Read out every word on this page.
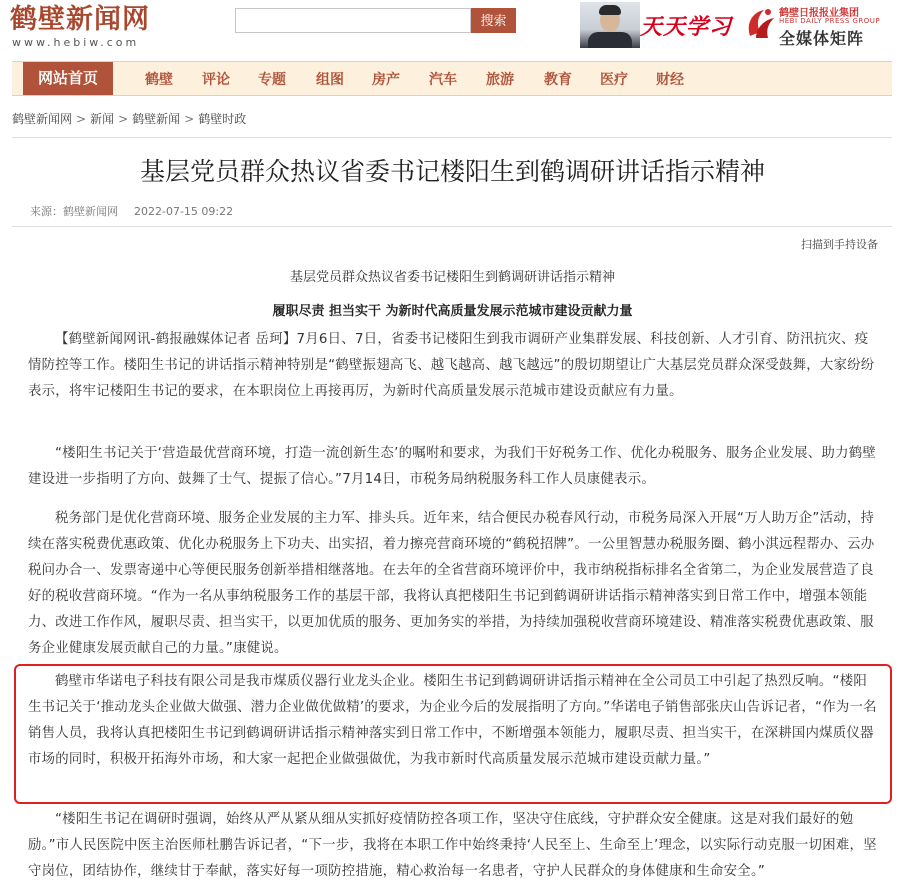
鹤壁新闻网
www.hebiw.com
搜索	天天学习
鹤壁日报报业集团
HEBI DAILY PRESS GROUP
全媒体矩阵
网站首页	鹤壁 评论 专题 组图 房产 汽车 旅游 教育 医疗 财经
鹤壁新闻网 > 新闻 > 鹤壁新闻 > 鹤壁时政
基层党员群众热议省委书记楼阳生到鹤调研讲话指示精神
来源：鹤壁新闻网 2022-07-15 09:22
扫描到手持设备
基层党员群众热议省委书记楼阳生到鹤调研讲话指示精神
履职尽责 担当实干 为新时代高质量发展示范城市建设贡献力量

【鹤壁新闻网讯-鹤报融媒体记者 岳珂】7月6日、7日，省委书记楼阳生到我市调研产业集群发展、科技创新、人才引育、防汛抗灾、疫情防控等工作。楼阳生书记的讲话指示精神特别是“鹤壁振翅高飞、越飞越高、越飞越远”的殷切期望让广大基层党员群众深受鼓舞，大家纷纷表示，将牢记楼阳生书记的要求，在本职岗位上再接再厉，为新时代高质量发展示范城市建设贡献应有力量。

“楼阳生书记关于‘营造最优营商环境，打造一流创新生态’的嘱咐和要求，为我们干好税务工作、优化办税服务、服务企业发展、助力鹤壁建设进一步指明了方向、鼓舞了士气、提振了信心。”7月14日，市税务局纳税服务科工作人员康健表示。

税务部门是优化营商环境、服务企业发展的主力军、排头兵。近年来，结合便民办税春风行动，市税务局深入开展“万人助万企”活动，持续在落实税费优惠政策、优化办税服务上下功夫、出实招，着力擦亮营商环境的“鹤税招牌”。一公里智慧办税服务圈、鹤小淇远程帮办、云办税问办合一、发票寄递中心等便民服务创新举措相继落地。在去年的全省营商环境评价中，我市纳税指标排名全省第二，为企业发展营造了良好的税收营商环境。“作为一名从事纳税服务工作的基层干部，我将认真把楼阳生书记到鹤调研讲话指示精神落实到日常工作中，增强本领能力、改进工作作风，履职尽责、担当实干，以更加优质的服务、更加务实的举措，为持续加强税收营商环境建设、精准落实税费优惠政策、服务企业健康发展贡献自己的力量。”康健说。

鹤壁市华诺电子科技有限公司是我市煤质仪器行业龙头企业。楼阳生书记到鹤调研讲话指示精神在全公司员工中引起了热烈反响。“楼阳生书记关于‘推动龙头企业做大做强、潜力企业做优做精’的要求，为企业今后的发展指明了方向。”华诺电子销售部张庆山告诉记者，“作为一名销售人员，我将认真把楼阳生书记到鹤调研讲话指示精神落实到日常工作中，不断增强本领能力，履职尽责、担当实干，在深耕国内煤质仪器市场的同时，积极开拓海外市场，和大家一起把企业做强做优，为我市新时代高质量发展示范城市建设贡献力量。”

“楼阳生书记在调研时强调，始终从严从紧从细从实抓好疫情防控各项工作，坚决守住底线，守护群众安全健康。这是对我们最好的勉励。”市人民医院中医主治医师杜鹏告诉记者，“下一步，我将在本职工作中始终秉持‘人民至上、生命至上’理念，以实际行动克服一切困难，坚守岗位，团结协作，继续甘于奉献，落实好每一项防控措施，精心救治每一名患者，守护人民群众的身体健康和生命安全。”
